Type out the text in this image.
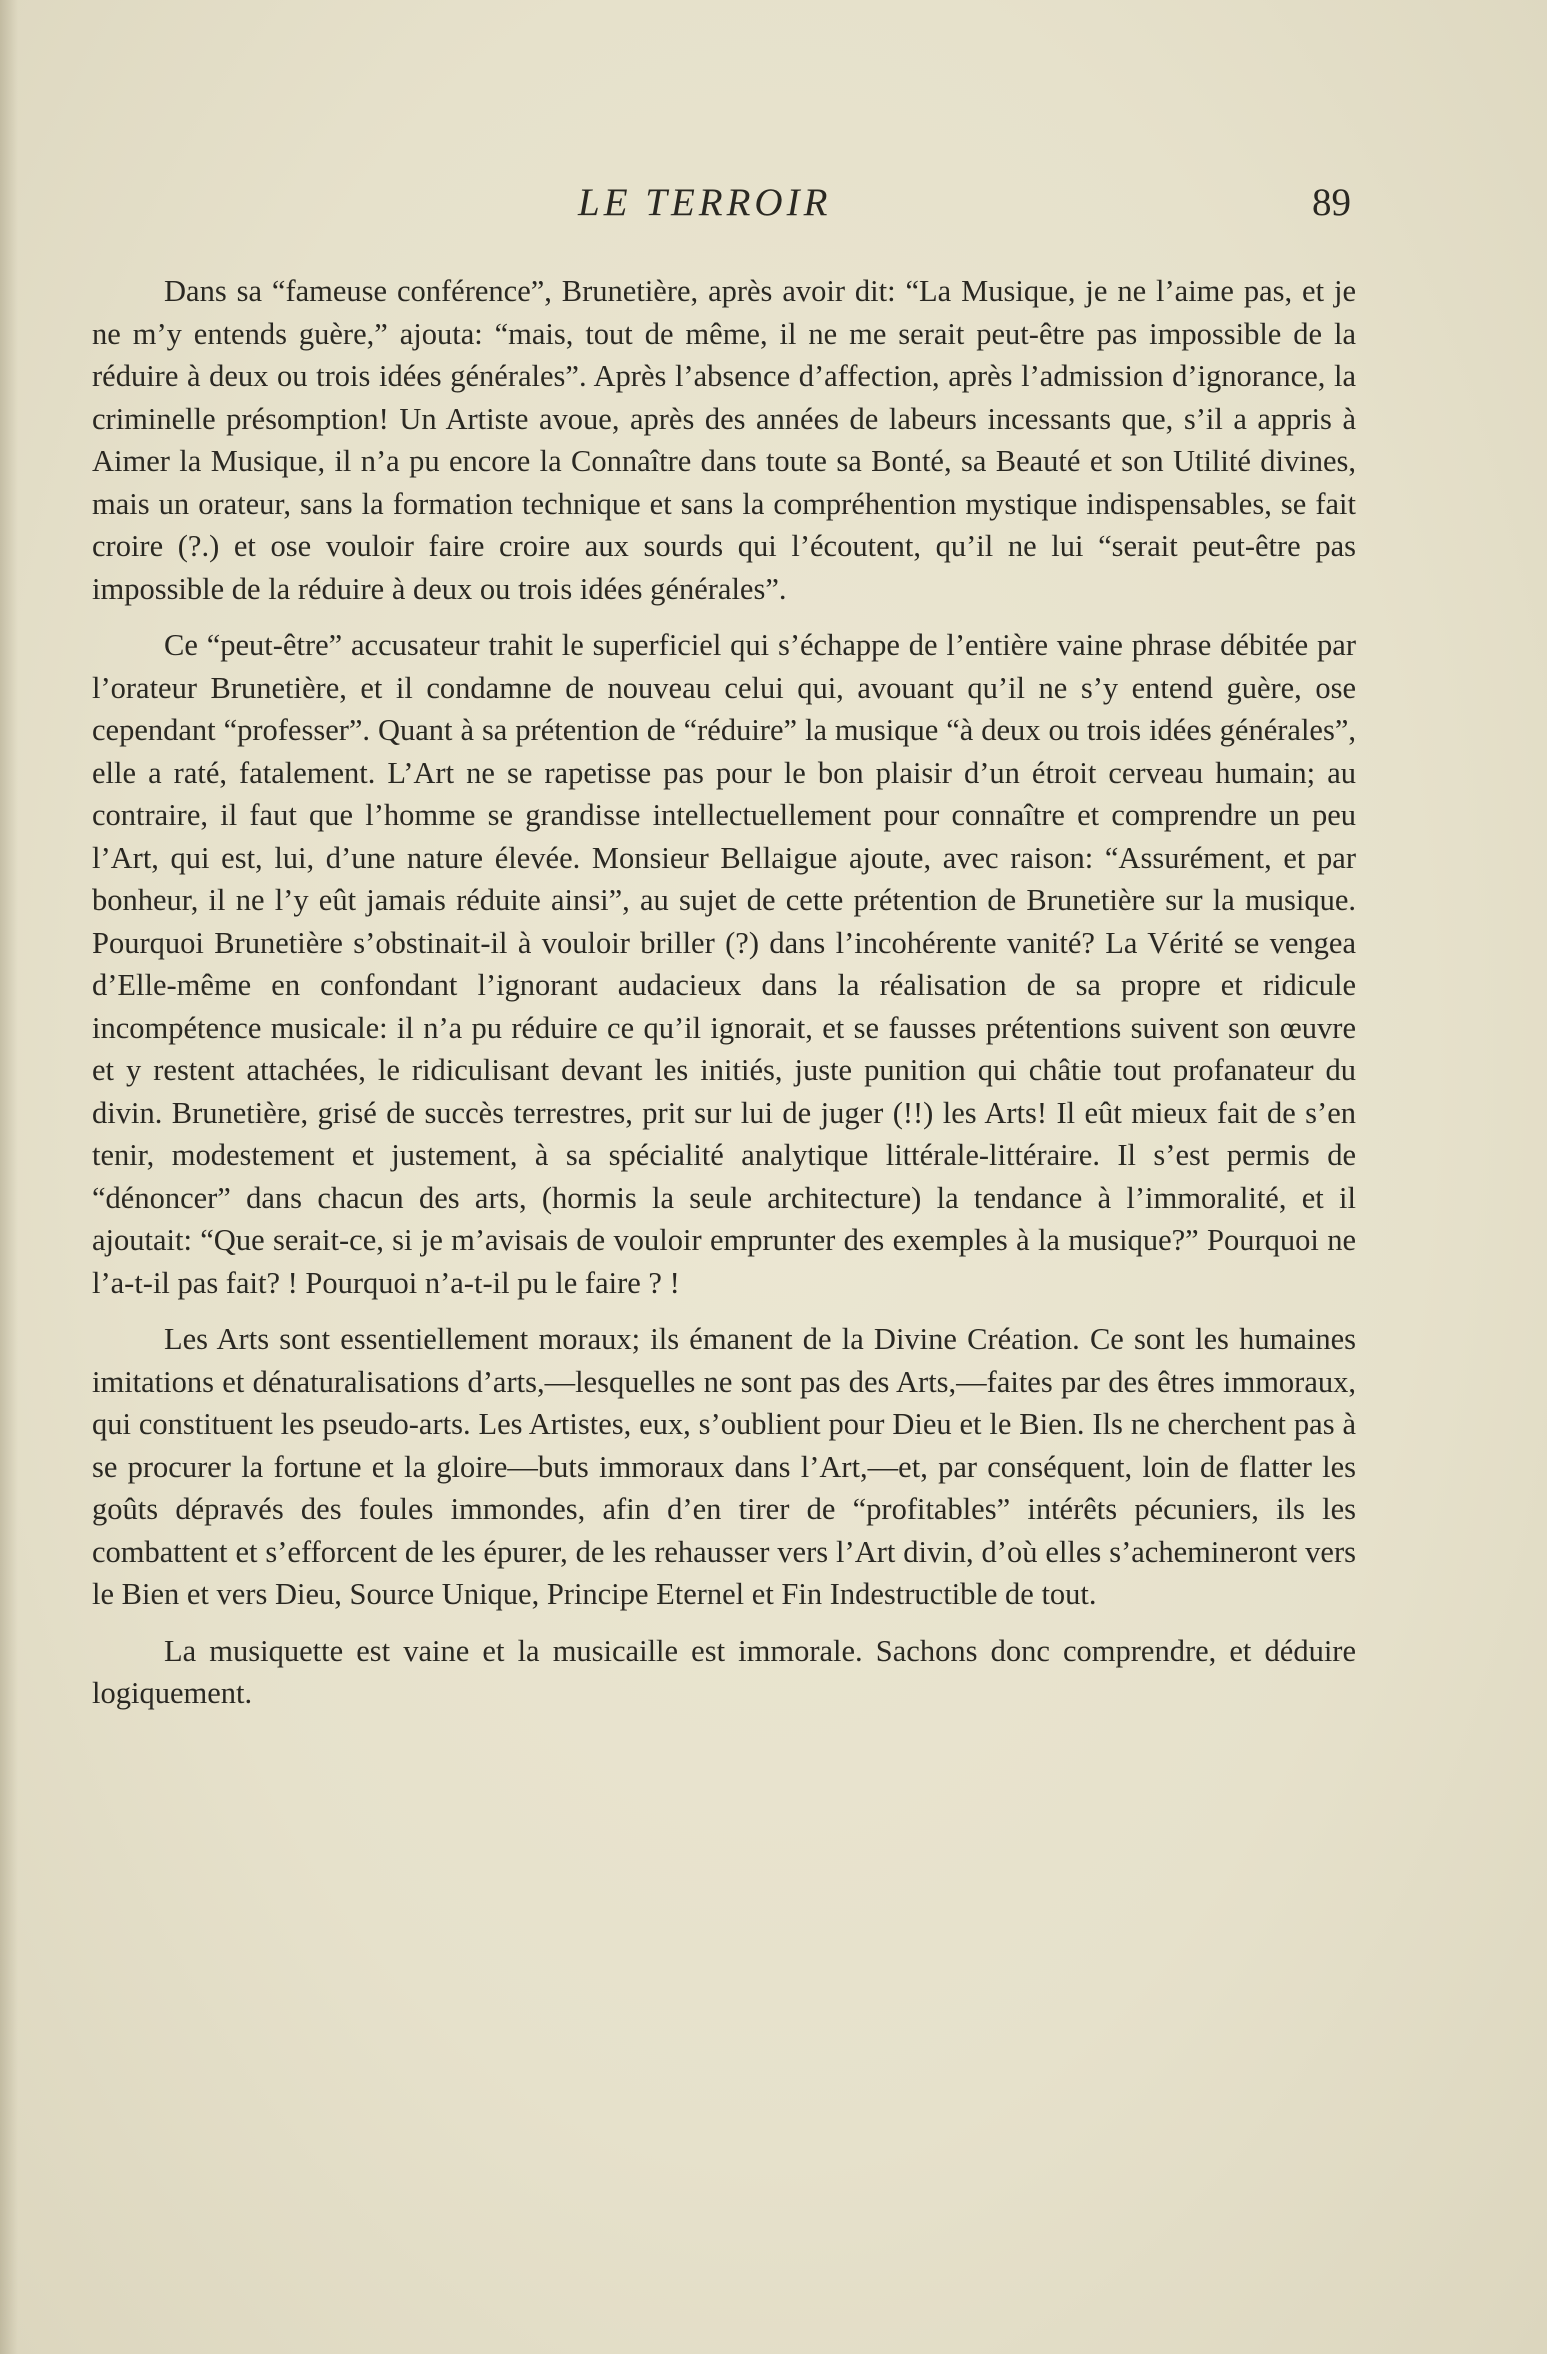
LE TERROIR	89

Dans sa “fameuse conférence”, Brunetière, après avoir dit: “La Musique, je ne l’aime pas, et je ne m’y entends guère,” ajouta: “mais, tout de même, il ne me serait peut-être pas impossible de la réduire à deux ou trois idées générales”. Après l’absence d’affection, après l’admission d’ignorance, la criminelle présomption! Un Artiste avoue, après des années de labeurs incessants que, s’il a appris à Aimer la Musique, il n’a pu encore la Connaître dans toute sa Bonté, sa Beauté et son Utilité divines, mais un orateur, sans la formation technique et sans la compréhention mystique indispensables, se fait croire (?.) et ose vouloir faire croire aux sourds qui l’écoutent, qu’il ne lui “serait peut-être pas impossible de la réduire à deux ou trois idées générales”.

Ce “peut-être” accusateur trahit le superficiel qui s’échappe de l’entière vaine phrase débitée par l’orateur Brunetière, et il condamne de nouveau celui qui, avouant qu’il ne s’y entend guère, ose cependant “professer”. Quant à sa prétention de “réduire” la musique “à deux ou trois idées générales”, elle a raté, fatalement. L’Art ne se rapetisse pas pour le bon plaisir d’un étroit cerveau humain; au contraire, il faut que l’homme se grandisse intellectuellement pour connaître et comprendre un peu l’Art, qui est, lui, d’une nature élevée. Monsieur Bellaigue ajoute, avec raison: “Assurément, et par bonheur, il ne l’y eût jamais réduite ainsi”, au sujet de cette prétention de Brunetière sur la musique. Pourquoi Brunetière s’obstinait-il à vouloir briller (?) dans l’incohérente vanité? La Vérité se vengea d’Elle-même en confondant l’ignorant audacieux dans la réalisation de sa propre et ridicule incompétence musicale: il n’a pu réduire ce qu’il ignorait, et se fausses prétentions suivent son œuvre et y restent attachées, le ridiculisant devant les initiés, juste punition qui châtie tout profanateur du divin. Brunetière, grisé de succès terrestres, prit sur lui de juger (!!) les Arts! Il eût mieux fait de s’en tenir, modestement et justement, à sa spécialité analytique littérale-littéraire. Il s’est permis de “dénoncer” dans chacun des arts, (hormis la seule architecture) la tendance à l’immoralité, et il ajoutait: “Que serait-ce, si je m’avisais de vouloir emprunter des exemples à la musique?” Pourquoi ne l’a-t-il pas fait? ! Pourquoi n’a-t-il pu le faire ? !

Les Arts sont essentiellement moraux; ils émanent de la Divine Création. Ce sont les humaines imitations et dénaturalisations d’arts,—lesquelles ne sont pas des Arts,—faites par des êtres immoraux, qui constituent les pseudo-arts. Les Artistes, eux, s’oublient pour Dieu et le Bien. Ils ne cherchent pas à se procurer la fortune et la gloire—buts immoraux dans l’Art,—et, par conséquent, loin de flatter les goûts dépravés des foules immondes, afin d’en tirer de “profitables” intérêts pécuniers, ils les combattent et s’efforcent de les épurer, de les rehausser vers l’Art divin, d’où elles s’achemineront vers le Bien et vers Dieu, Source Unique, Principe Eternel et Fin Indestructible de tout.

La musiquette est vaine et la musicaille est immorale. Sachons donc comprendre, et déduire logiquement.
